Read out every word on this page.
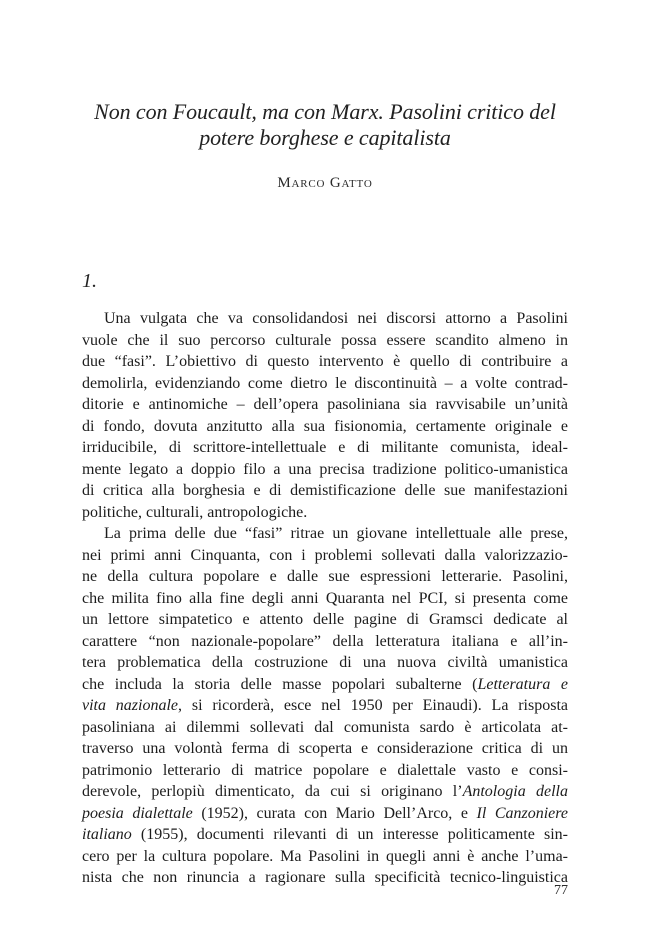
Non con Foucault, ma con Marx. Pasolini critico del
potere borghese e capitalista
Marco Gatto
1.
Una vulgata che va consolidandosi nei discorsi attorno a Pasolini
vuole che il suo percorso culturale possa essere scandito almeno in
due “fasi”. L’obiettivo di questo intervento è quello di contribuire a
demolirla, evidenziando come dietro le discontinuità – a volte contrad-
ditorie e antinomiche – dell’opera pasoliniana sia ravvisabile un’unità
di fondo, dovuta anzitutto alla sua fisionomia, certamente originale e
irriducibile, di scrittore-intellettuale e di militante comunista, ideal-
mente legato a doppio filo a una precisa tradizione politico-umanistica
di critica alla borghesia e di demistificazione delle sue manifestazioni
politiche, culturali, antropologiche.
La prima delle due “fasi” ritrae un giovane intellettuale alle prese,
nei primi anni Cinquanta, con i problemi sollevati dalla valorizzazio-
ne della cultura popolare e dalle sue espressioni letterarie. Pasolini,
che milita fino alla fine degli anni Quaranta nel PCI, si presenta come
un lettore simpatetico e attento delle pagine di Gramsci dedicate al
carattere “non nazionale-popolare” della letteratura italiana e all’in-
tera problematica della costruzione di una nuova civiltà umanistica
che includa la storia delle masse popolari subalterne (Letteratura e
vita nazionale, si ricorderà, esce nel 1950 per Einaudi). La risposta
pasoliniana ai dilemmi sollevati dal comunista sardo è articolata at-
traverso una volontà ferma di scoperta e considerazione critica di un
patrimonio letterario di matrice popolare e dialettale vasto e consi-
derevole, perlopiù dimenticato, da cui si originano l’Antologia della
poesia dialettale (1952), curata con Mario Dell’Arco, e Il Canzoniere
italiano (1955), documenti rilevanti di un interesse politicamente sin-
cero per la cultura popolare. Ma Pasolini in quegli anni è anche l’uma-
nista che non rinuncia a ragionare sulla specificità tecnico-linguistica
77
